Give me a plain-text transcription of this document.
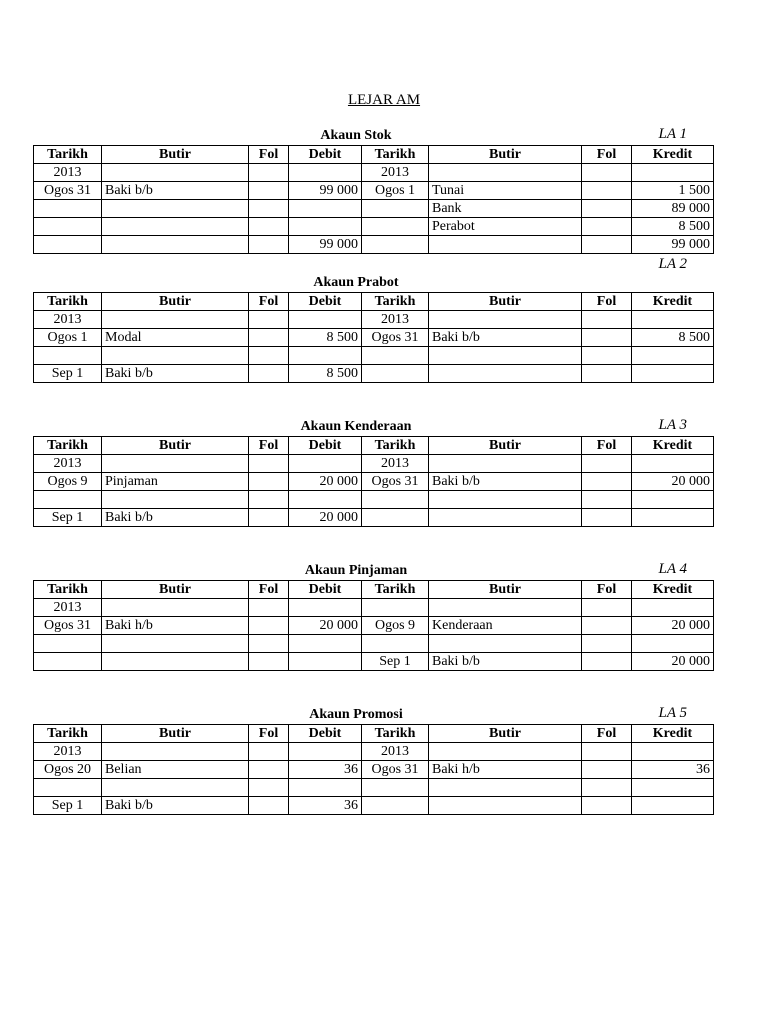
LEJAR AM
Akaun Stok	LA 1
Tarikh	Butir	Fol	Debit	Tarikh	Butir	Fol	Kredit
2013				2013			
Ogos 31	Baki b/b		99 000	Ogos 1	Tunai		1 500
					Bank		89 000
					Perabot		8 500
			99 000				99 000
LA 2
Akaun Prabot
Tarikh	Butir	Fol	Debit	Tarikh	Butir	Fol	Kredit
2013				2013			
Ogos 1	Modal		8 500	Ogos 31	Baki b/b		8 500

Sep 1	Baki b/b		8 500				
Akaun Kenderaan	LA 3
Tarikh	Butir	Fol	Debit	Tarikh	Butir	Fol	Kredit
2013				2013			
Ogos 9	Pinjaman		20 000	Ogos 31	Baki b/b		20 000

Sep 1	Baki b/b		20 000				
Akaun Pinjaman	LA 4
Tarikh	Butir	Fol	Debit	Tarikh	Butir	Fol	Kredit
2013							
Ogos 31	Baki h/b		20 000	Ogos 9	Kenderaan		20 000

				Sep 1	Baki b/b		20 000
Akaun Promosi	LA 5
Tarikh	Butir	Fol	Debit	Tarikh	Butir	Fol	Kredit
2013				2013			
Ogos 20	Belian		36	Ogos 31	Baki h/b		36

Sep 1	Baki b/b		36				
